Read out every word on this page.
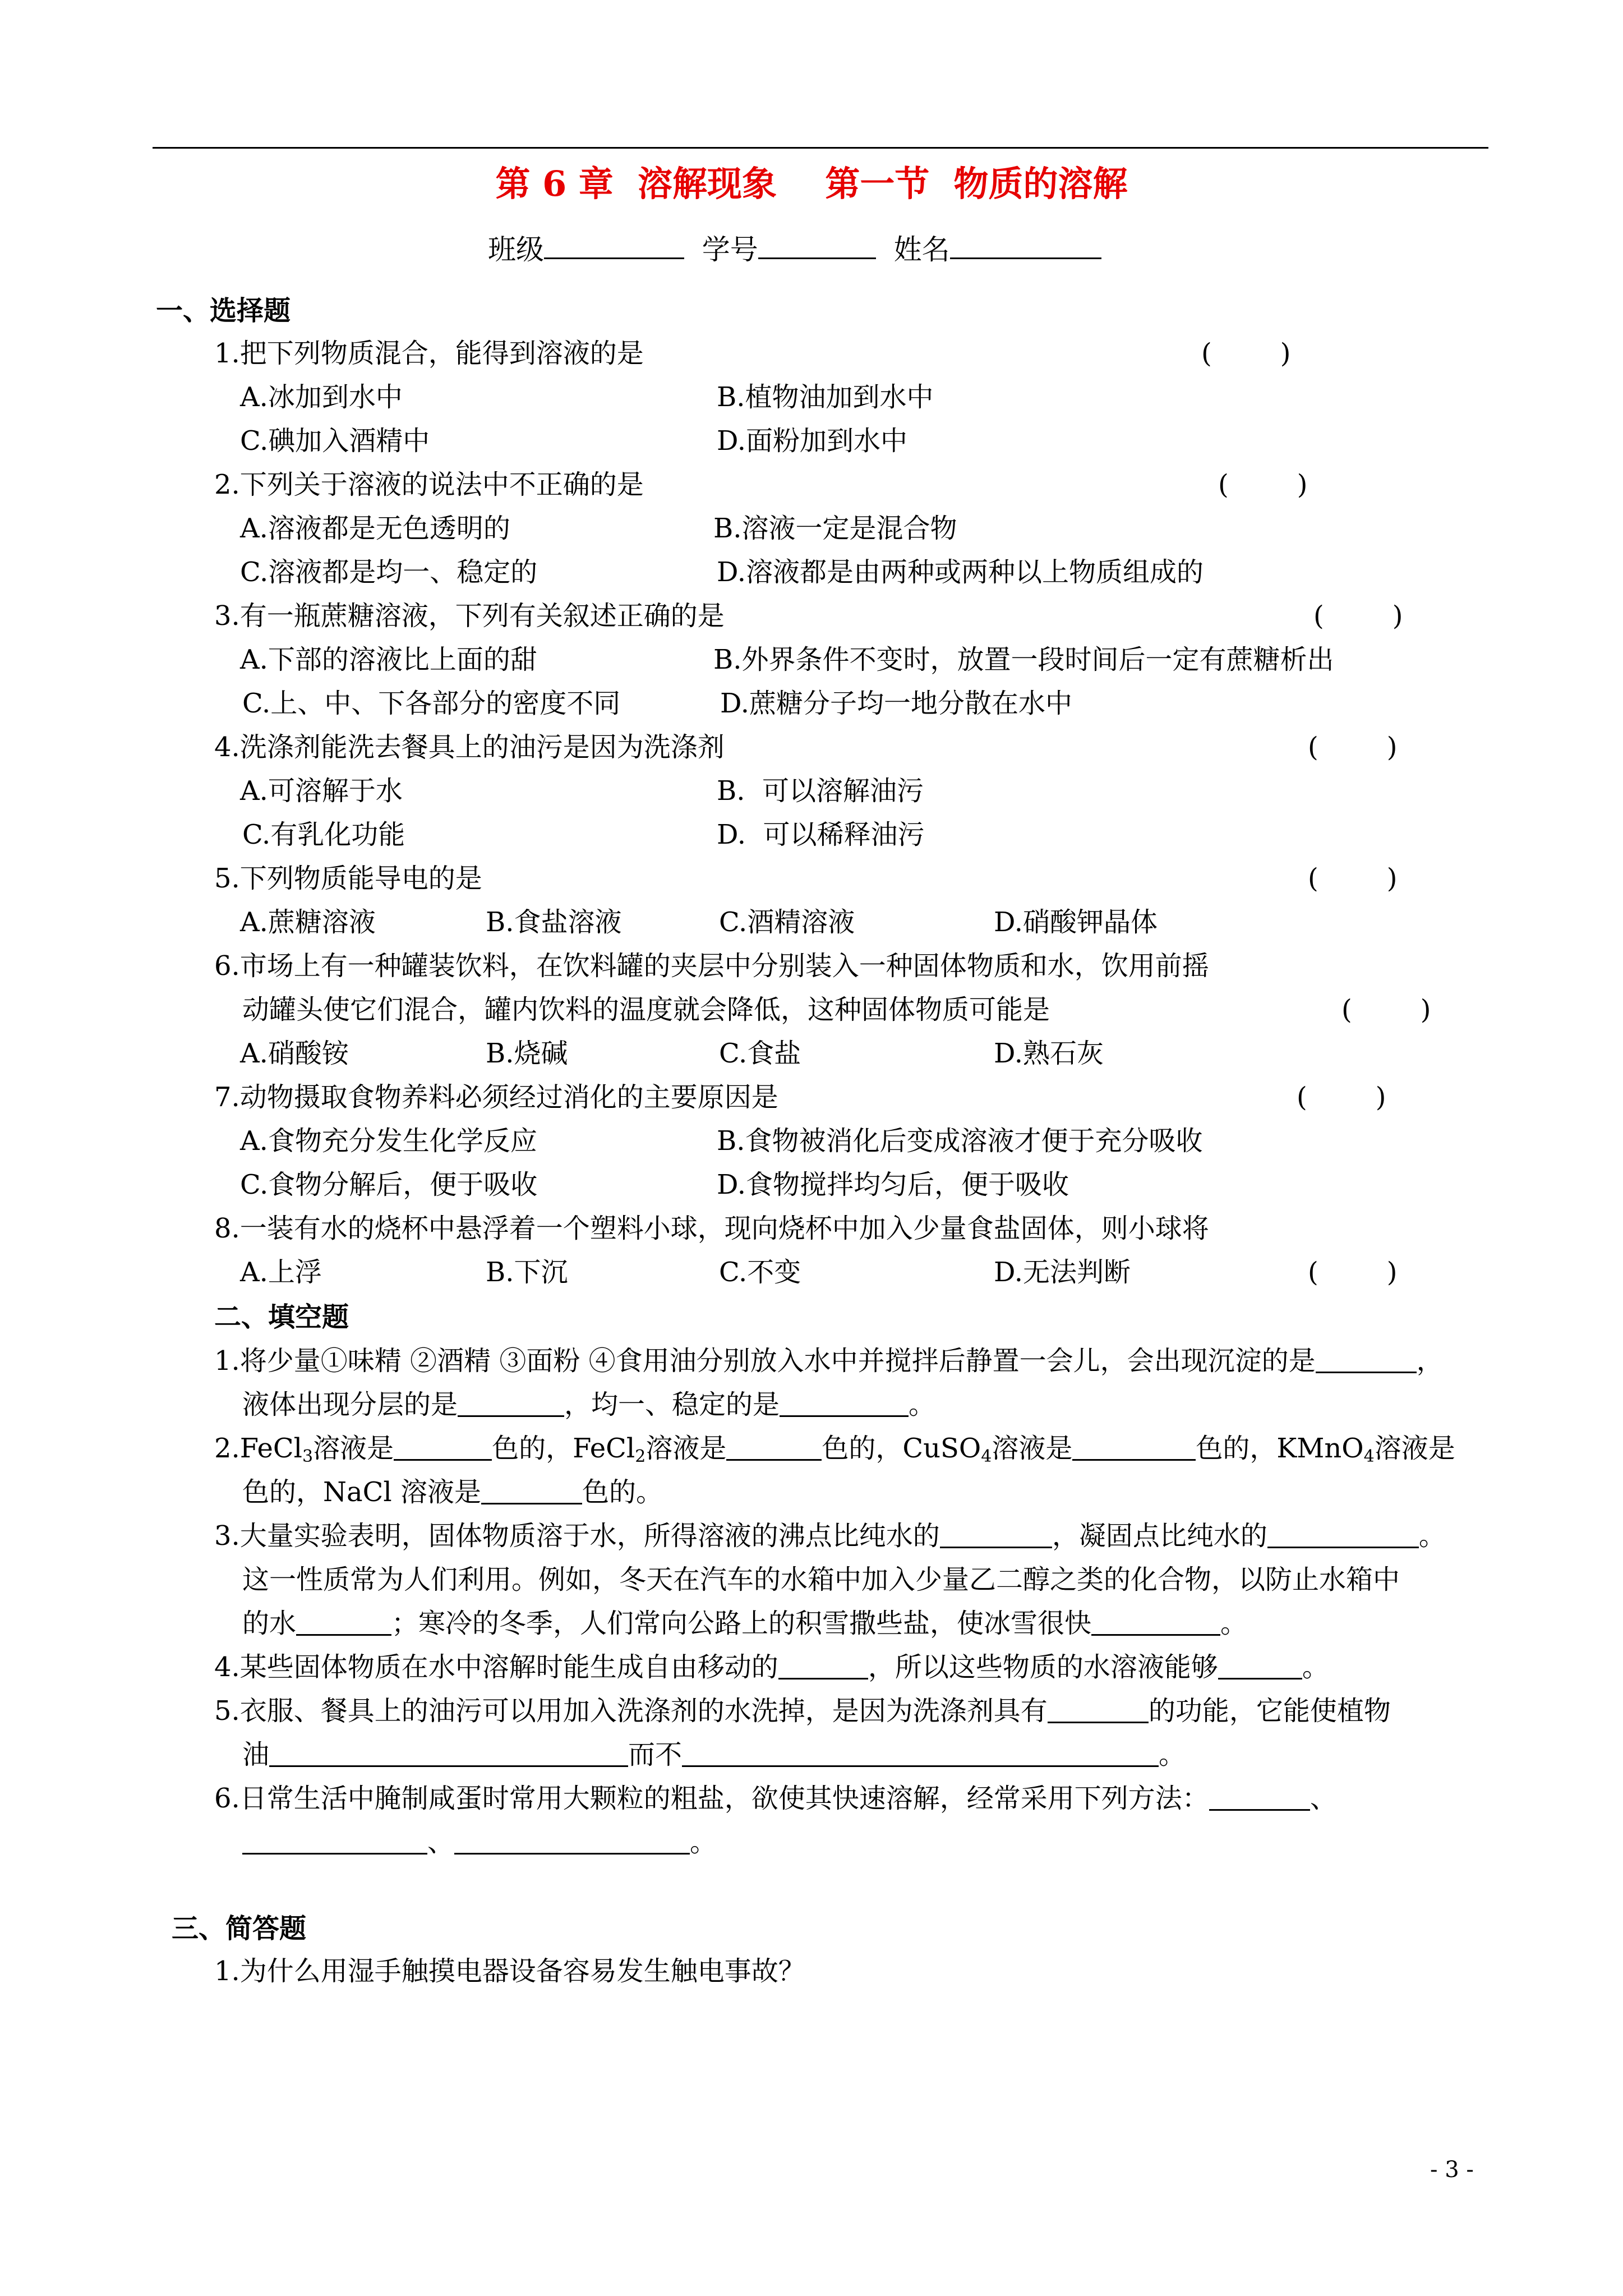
第 6 章  溶解现象    第一节  物质的溶解
班级	学号	姓名
一、选择题
1.把下列物质混合，能得到溶液的是	(        )
A.冰加到水中	B.植物油加到水中
C.碘加入酒精中	D.面粉加到水中
2.下列关于溶液的说法中不正确的是	(        )
A.溶液都是无色透明的	B.溶液一定是混合物
C.溶液都是均一、稳定的	D.溶液都是由两种或两种以上物质组成的
3.有一瓶蔗糖溶液，下列有关叙述正确的是	(        )
A.下部的溶液比上面的甜	B.外界条件不变时，放置一段时间后一定有蔗糖析出
C.上、中、下各部分的密度不同	D.蔗糖分子均一地分散在水中
4.洗涤剂能洗去餐具上的油污是因为洗涤剂	(        )
A.可溶解于水	B.  可以溶解油污
C.有乳化功能	D.  可以稀释油污
5.下列物质能导电的是	(        )
A.蔗糖溶液	B.食盐溶液	C.酒精溶液	D.硝酸钾晶体
6.市场上有一种罐装饮料，在饮料罐的夹层中分别装入一种固体物质和水，饮用前摇
动罐头使它们混合，罐内饮料的温度就会降低，这种固体物质可能是	(        )
A.硝酸铵	B.烧碱	C.食盐	D.熟石灰
7.动物摄取食物养料必须经过消化的主要原因是	(        )
A.食物充分发生化学反应	B.食物被消化后变成溶液才便于充分吸收
C.食物分解后，便于吸收	D.食物搅拌均匀后，便于吸收
8.一装有水的烧杯中悬浮着一个塑料小球，现向烧杯中加入少量食盐固体，则小球将
A.上浮	B.下沉	C.不变	D.无法判断	(        )
二、填空题
1.将少量①味精 ②酒精 ③面粉 ④食用油分别放入水中并搅拌后静置一会儿，会出现沉淀的是	，
液体出现分层的是	，均一、稳定的是	。
2.FeCl$_3$溶液是	色的，FeCl$_2$溶液是	色的，CuSO$_4$溶液是	色的，KMnO$_4$溶液是
色的，NaCl 溶液是	色的。
3.大量实验表明，固体物质溶于水，所得溶液的沸点比纯水的	，凝固点比纯水的	。
这一性质常为人们利用。例如，冬天在汽车的水箱中加入少量乙二醇之类的化合物，以防止水箱中
的水	；寒冷的冬季，人们常向公路上的积雪撒些盐，使冰雪很快	。
4.某些固体物质在水中溶解时能生成自由移动的	，所以这些物质的水溶液能够	。
5.衣服、餐具上的油污可以用加入洗涤剂的水洗掉，是因为洗涤剂具有	的功能，它能使植物
油	而不	。
6.日常生活中腌制咸蛋时常用大颗粒的粗盐，欲使其快速溶解，经常采用下列方法：	、
、	。
三、简答题
1.为什么用湿手触摸电器设备容易发生触电事故？
- 3 -
